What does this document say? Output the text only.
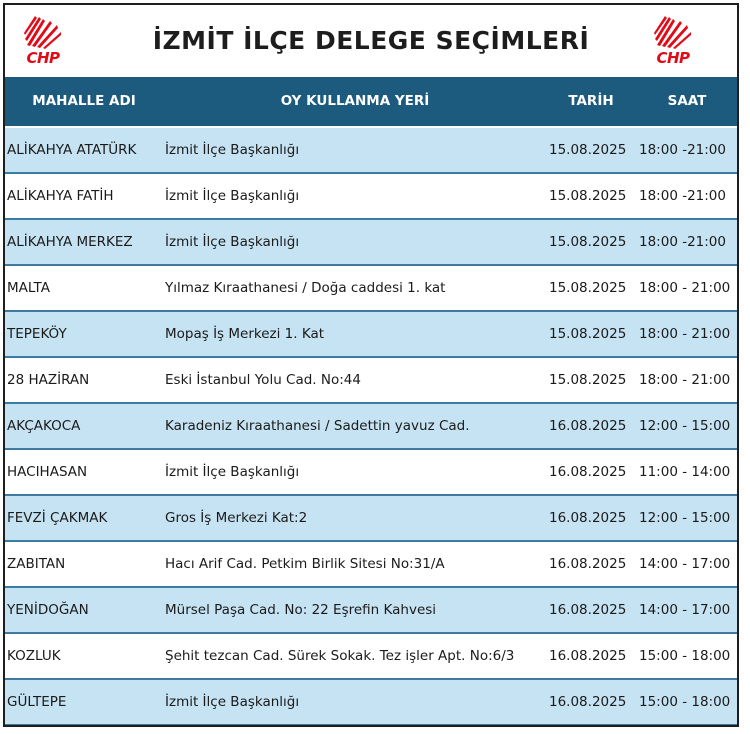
CHP
İZMİT İLÇE DELEGE SEÇİMLERİ
CHP
MAHALLE ADI	OY KULLANMA YERİ	TARİH	SAAT
ALİKAHYA ATATÜRK	İzmit İlçe Başkanlığı	15.08.2025 18:00 -21:00
ALİKAHYA FATİH	İzmit İlçe Başkanlığı	15.08.2025 18:00 -21:00
ALİKAHYA MERKEZ	İzmit İlçe Başkanlığı	15.08.2025 18:00 -21:00
MALTA	Yılmaz Kıraathanesi / Doğa caddesi 1. kat	15.08.2025 18:00 - 21:00
TEPEKÖY	Mopaş İş Merkezi 1. Kat	15.08.2025 18:00 - 21:00
28 HAZİRAN	Eski İstanbul Yolu Cad. No:44	15.08.2025 18:00 - 21:00
AKÇAKOCA	Karadeniz Kıraathanesi / Sadettin yavuz Cad.	16.08.2025 12:00 - 15:00
HACIHASAN	İzmit İlçe Başkanlığı	16.08.2025 11:00 - 14:00
FEVZİ ÇAKMAK	Gros İş Merkezi Kat:2	16.08.2025 12:00 - 15:00
ZABITAN	Hacı Arif Cad. Petkim Birlik Sitesi No:31/A	16.08.2025 14:00 - 17:00
YENİDOĞAN	Mürsel Paşa Cad. No: 22 Eşrefin Kahvesi	16.08.2025 14:00 - 17:00
KOZLUK	Şehit tezcan Cad. Sürek Sokak. Tez işler Apt. No:6/3	16.08.2025 15:00 - 18:00
GÜLTEPE	İzmit İlçe Başkanlığı	16.08.2025 15:00 - 18:00
